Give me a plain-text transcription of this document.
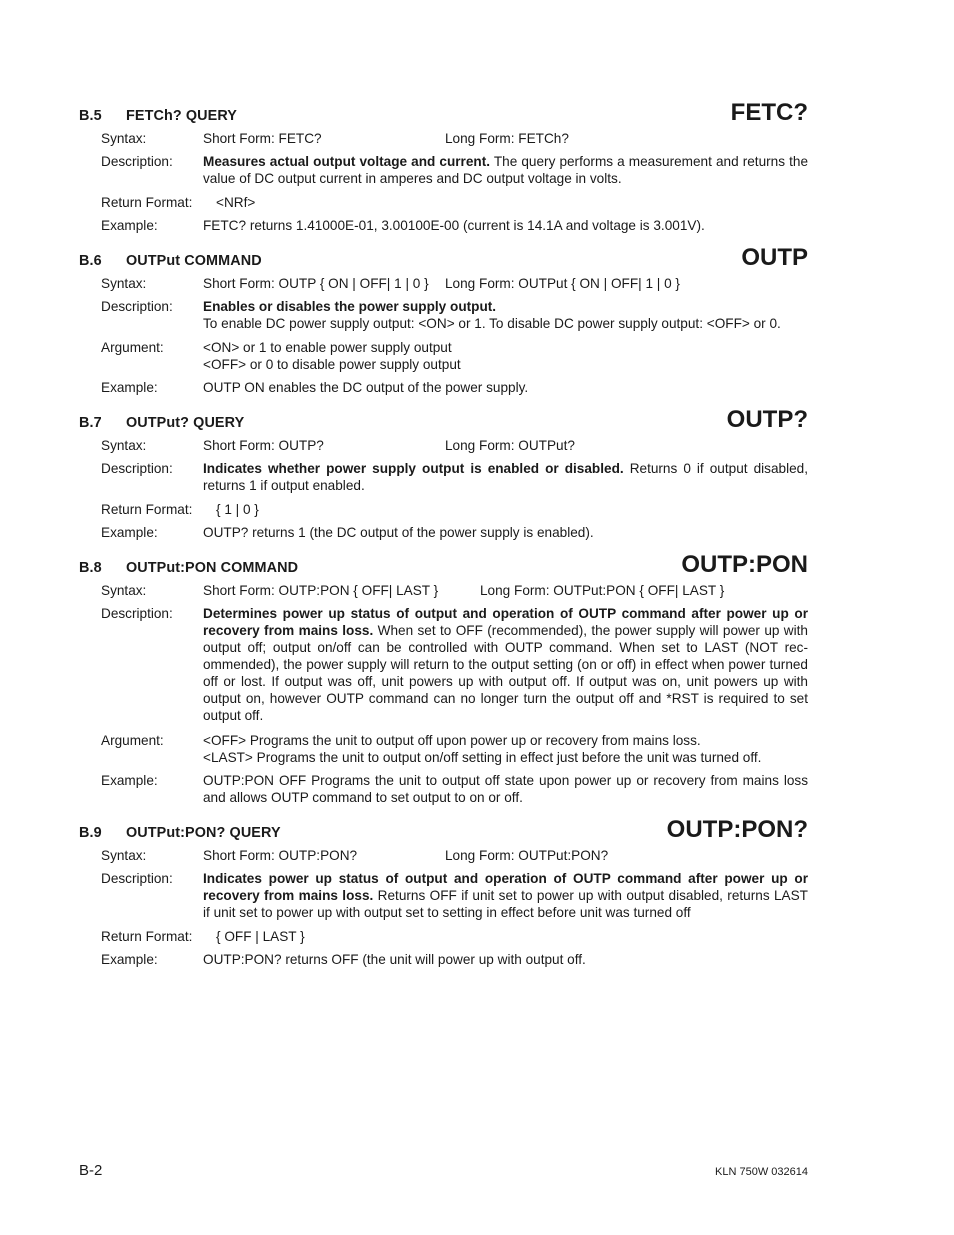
B.5 FETCh? QUERY	FETC?
Syntax:	Short Form: FETC?	Long Form: FETCh?
Description: Measures actual output voltage and current. The query performs a measurement and returns the value of DC output current in amperes and DC output voltage in volts.
Return Format: <NRf>
Example:	FETC? returns 1.41000E-01, 3.00100E-00 (current is 14.1A and voltage is 3.001V).
B.6 OUTPut COMMAND	OUTP
Syntax:	Short Form: OUTP { ON | OFF| 1 | 0 }	Long Form: OUTPut { ON | OFF| 1 | 0 }
Description: Enables or disables the power supply output.
To enable DC power supply output: <ON> or 1. To disable DC power supply output: <OFF> or 0.
Argument:	<ON> or 1 to enable power supply output
<OFF> or 0 to disable power supply output
Example:	OUTP ON enables the DC output of the power supply.
B.7 OUTPut? QUERY	OUTP?
Syntax:	Short Form: OUTP?	Long Form: OUTPut?
Description: Indicates whether power supply output is enabled or disabled. Returns 0 if output disabled, returns 1 if output enabled.
Return Format: { 1 | 0 }
Example:	OUTP? returns 1 (the DC output of the power supply is enabled).
B.8 OUTPut:PON COMMAND	OUTP:PON
Syntax:	Short Form: OUTP:PON { OFF| LAST }	Long Form: OUTPut:PON { OFF| LAST }
Description: Determines power up status of output and operation of OUTP command after power up or recovery from mains loss. When set to OFF (recommended), the power supply will power up with output off; output on/off can be controlled with OUTP command. When set to LAST (NOT rec-ommended), the power supply will return to the output setting (on or off) in effect when power turned off or lost. If output was off, unit powers up with output off. If output was on, unit powers up with output on, however OUTP command can no longer turn the output off and *RST is required to set output off.
Argument:	<OFF> Programs the unit to output off upon power up or recovery from mains loss.
<LAST> Programs the unit to output on/off setting in effect just before the unit was turned off.
Example:	OUTP:PON OFF Programs the unit to output off state upon power up or recovery from mains loss and allows OUTP command to set output to on or off.
B.9 OUTPut:PON? QUERY	OUTP:PON?
Syntax:	Short Form: OUTP:PON?	Long Form: OUTPut:PON?
Description: Indicates power up status of output and operation of OUTP command after power up or recovery from mains loss. Returns OFF if unit set to power up with output disabled, returns LAST if unit set to power up with output set to setting in effect before unit was turned off
Return Format: { OFF | LAST }
Example:	OUTP:PON? returns OFF (the unit will power up with output off.
B-2	KLN 750W 032614
